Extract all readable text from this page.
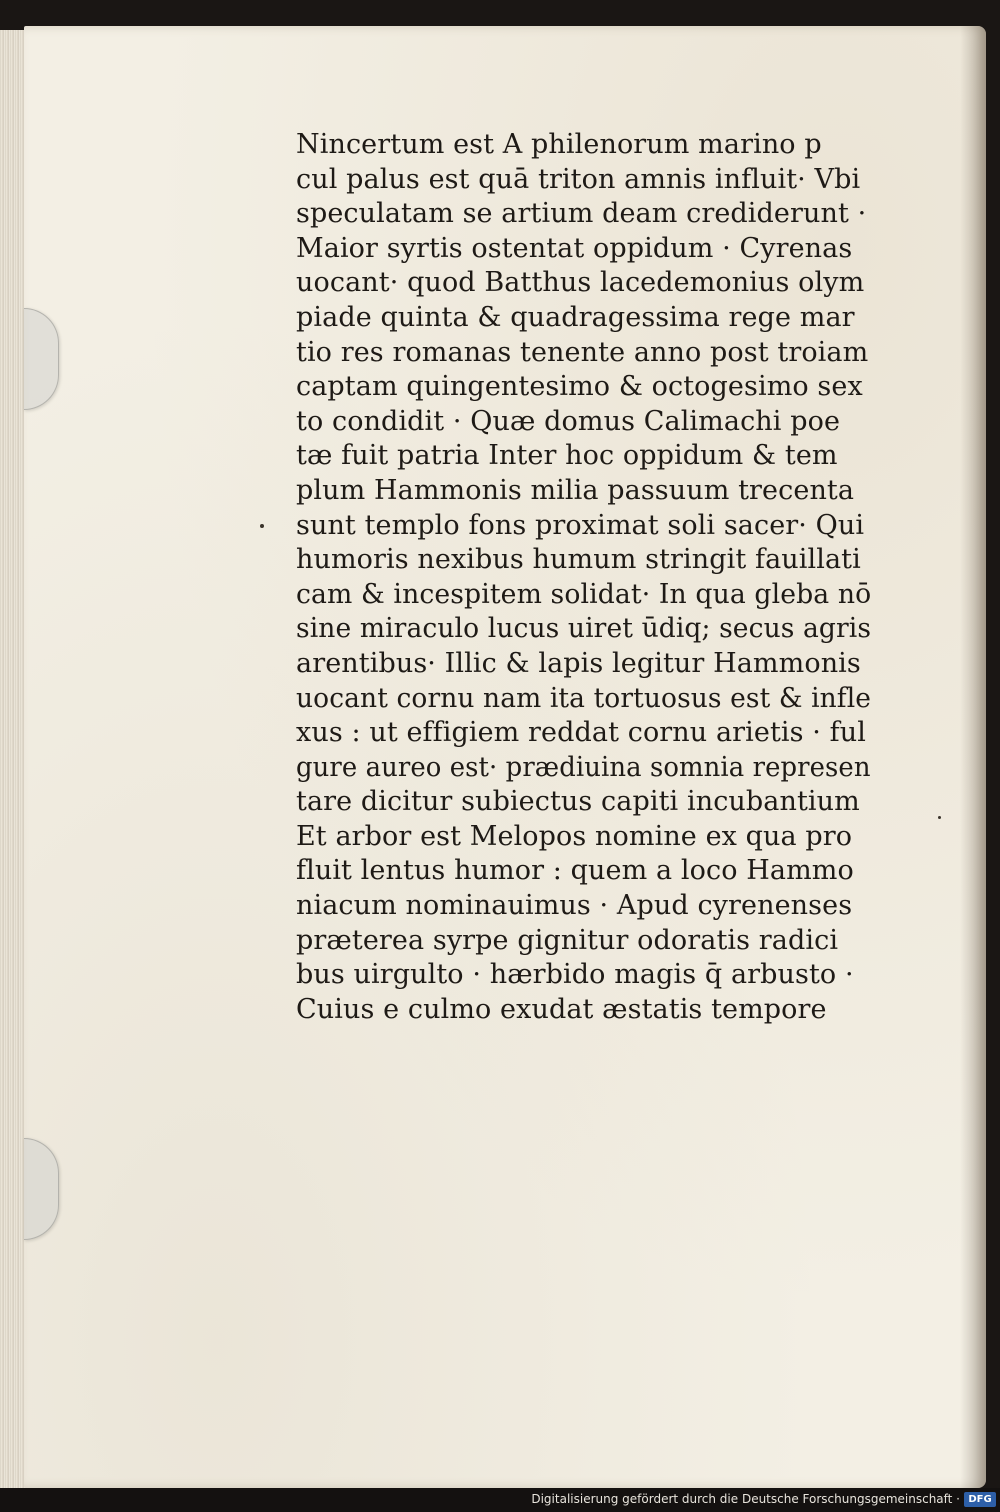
Nincertum est A philenorum marino p
cul palus est quā triton amnis influit· Vbi
speculatam se artium deam crediderunt ·
Maior syrtis ostentat oppidum · Cyrenas
uocant· quod Batthus lacedemonius olym
piade quinta & quadragessima rege mar
tio res romanas tenente anno post troiam
captam quingentesimo & octogesimo sex
to condidit · Quæ domus Calimachi poe
tæ fuit patria Inter hoc oppidum & tem
plum Hammonis milia passuum trecenta
sunt templo fons proximat soli sacer· Qui
humoris nexibus humum stringit fauillati
cam & incespitem solidat· In qua gleba nō
sine miraculo lucus uiret ūdiq; secus agris
arentibus· Illic & lapis legitur Hammonis
uocant cornu nam ita tortuosus est & infle
xus : ut effigiem reddat cornu arietis · ful
gure aureo est· prædiuina somnia represen
tare dicitur subiectus capiti incubantium
Et arbor est Melopos nomine ex qua pro
fluit lentus humor : quem a loco Hammo
niacum nominauimus · Apud cyrenenses
præterea syrpe gignitur odoratis radici
bus uirgulto · hærbido magis q̄ arbusto ·
Cuius e culmo exudat æstatis tempore
Digitalisierung gefördert durch die Deutsche Forschungsgemeinschaft · DFG
